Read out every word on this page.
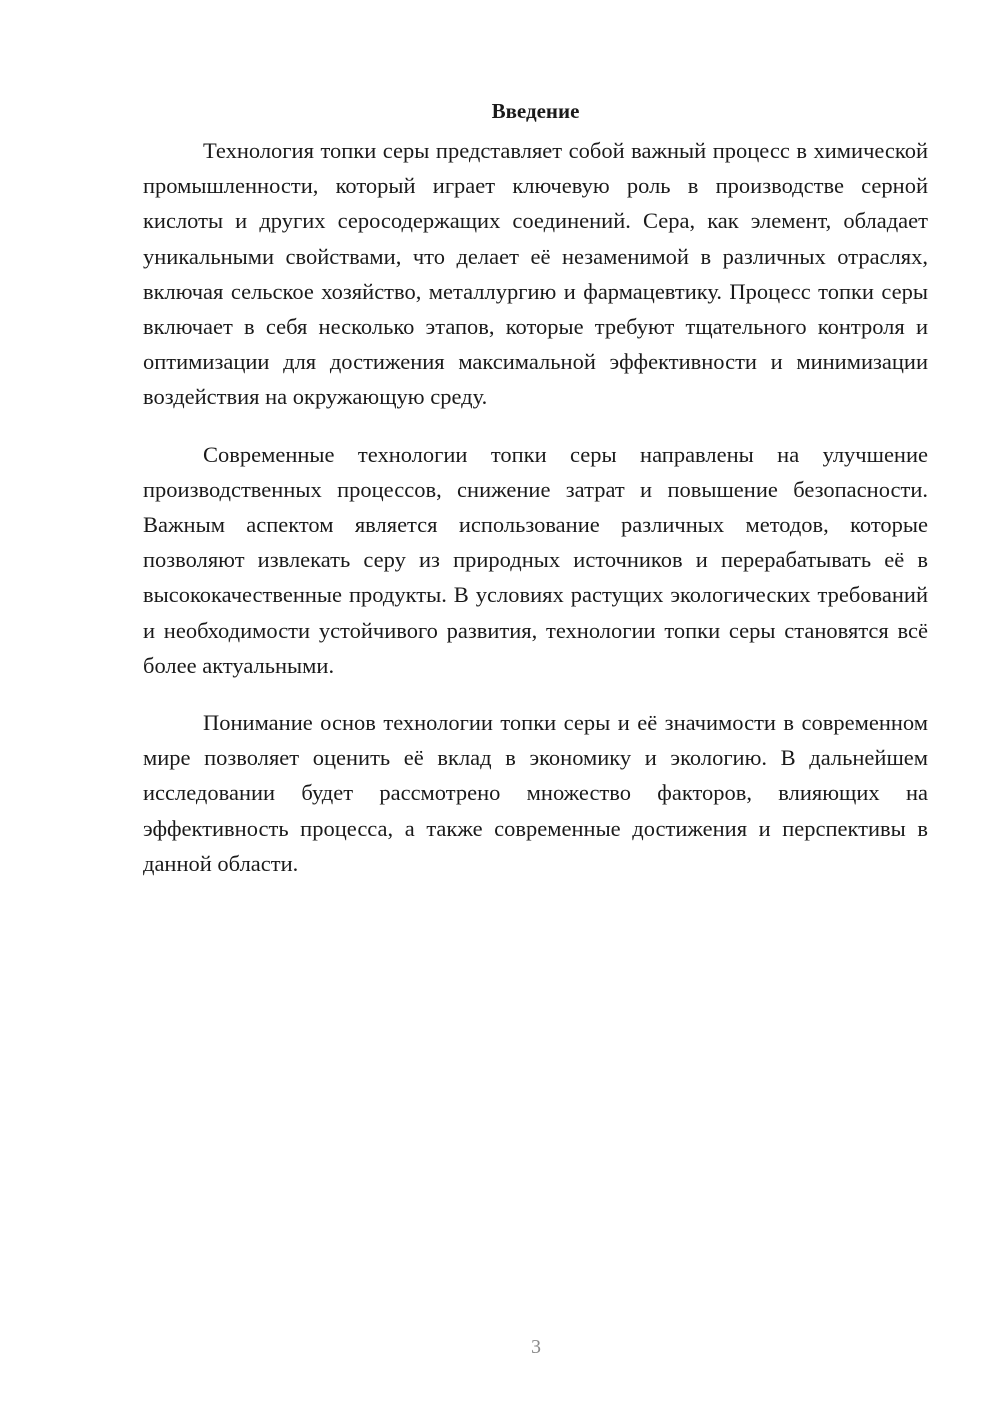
Введение

Технология топки серы представляет собой важный процесс в химической промышленности, который играет ключевую роль в производстве серной кислоты и других серосодержащих соединений. Сера, как элемент, обладает уникальными свойствами, что делает её незаменимой в различных отраслях, включая сельское хозяйство, металлургию и фармацевтику. Процесс топки серы включает в себя несколько этапов, которые требуют тщательного контроля и оптимизации для достижения максимальной эффективности и минимизации воздействия на окружающую среду.

Современные технологии топки серы направлены на улучшение производственных процессов, снижение затрат и повышение безопасности. Важным аспектом является использование различных методов, которые позволяют извлекать серу из природных источников и перерабатывать её в высококачественные продукты. В условиях растущих экологических требований и необходимости устойчивого развития, технологии топки серы становятся всё более актуальными.

Понимание основ технологии топки серы и её значимости в современном мире позволяет оценить её вклад в экономику и экологию. В дальнейшем исследовании будет рассмотрено множество факторов, влияющих на эффективность процесса, а также современные достижения и перспективы в данной области.

3
